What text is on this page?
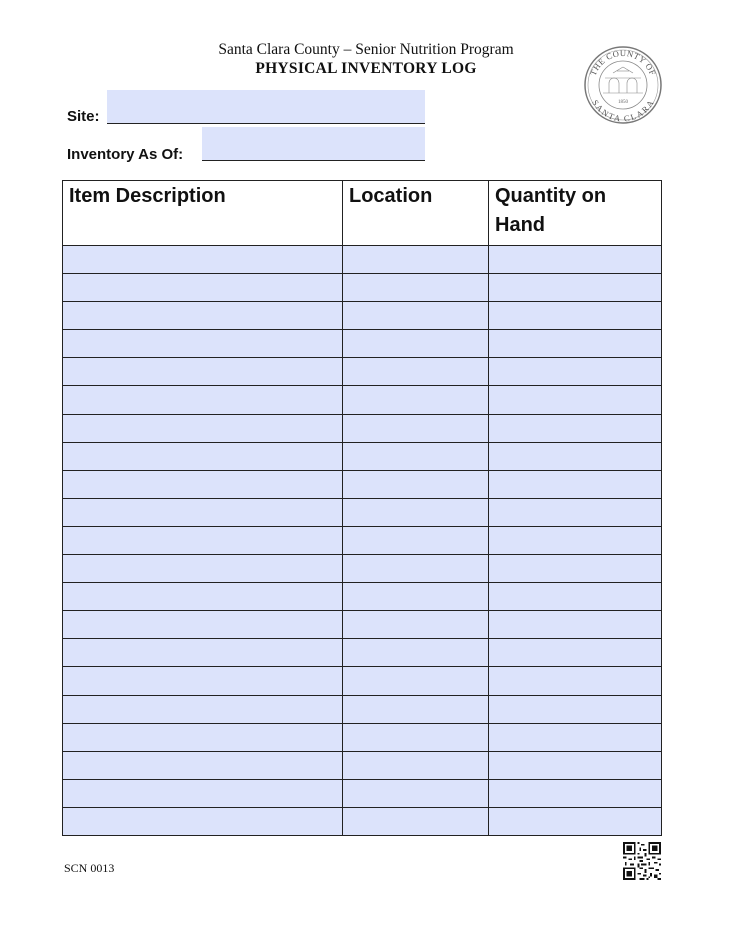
Santa Clara County – Senior Nutrition Program
PHYSICAL INVENTORY LOG	THE COUNTY OF
SANTA CLARA
1850
Site:
Inventory As Of:
Item Description	Location	Quantity on Hand

SCN 0013
